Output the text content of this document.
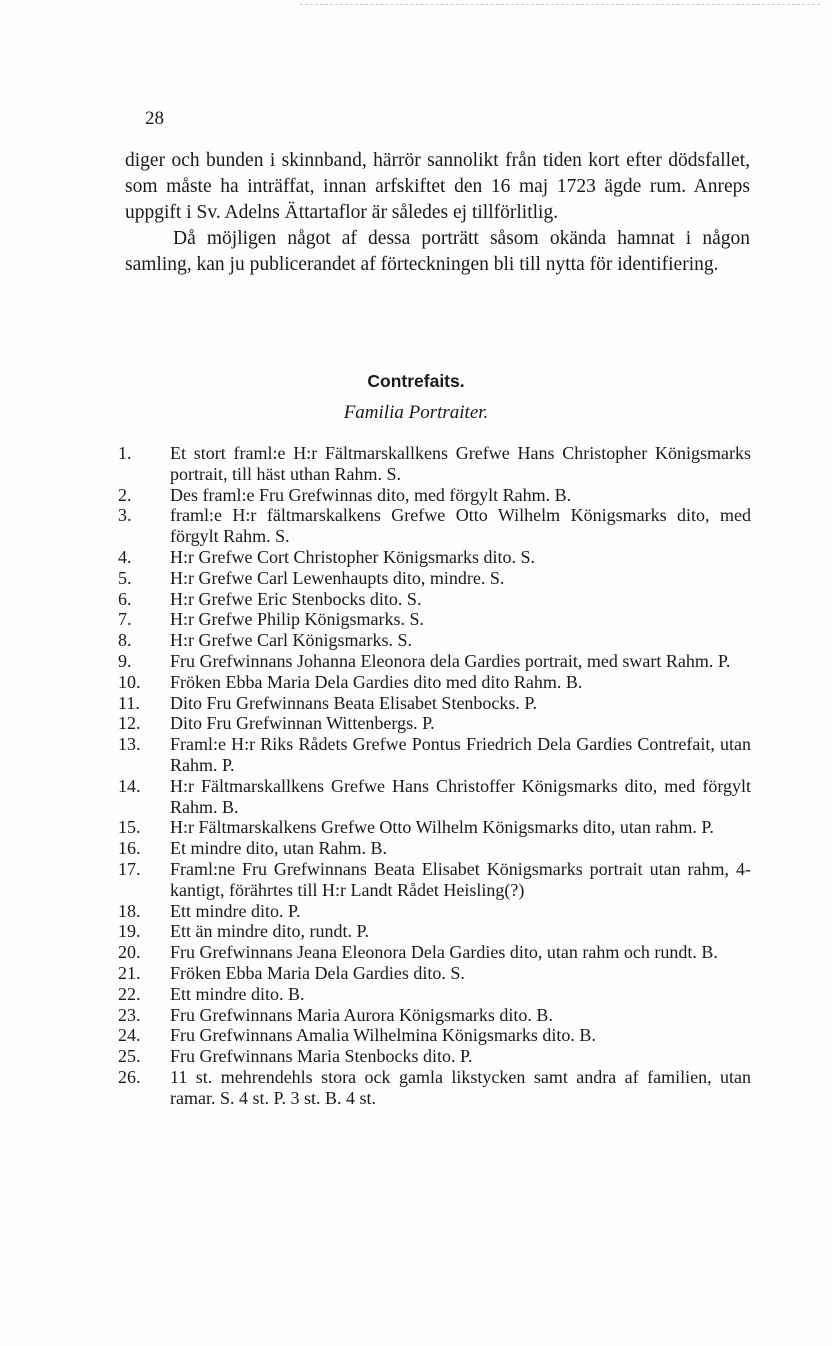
28

diger och bunden i skinnband, härrör sannolikt från tiden kort efter dödsfallet, som måste ha inträffat, innan arfskiftet den 16 maj 1723 ägde rum. Anreps uppgift i Sv. Adelns Ättartaflor är således ej tillförlitlig.

Då möjligen något af dessa porträtt såsom okända hamnat i någon samling, kan ju publicerandet af förteckningen bli till nytta för identifiering.

Contrefaits.
Familia Portraiter.
1.	Et stort framl:e H:r Fältmarskallkens Grefwe Hans Christopher Königsmarks portrait, till häst uthan Rahm. S.
2.	Des framl:e Fru Grefwinnas dito, med förgylt Rahm. B.
3.	framl:e H:r fältmarskalkens Grefwe Otto Wilhelm Königsmarks dito, med förgylt Rahm. S.
4.	H:r Grefwe Cort Christopher Königsmarks dito. S.
5.	H:r Grefwe Carl Lewenhaupts dito, mindre. S.
6.	H:r Grefwe Eric Stenbocks dito. S.
7.	H:r Grefwe Philip Königsmarks. S.
8.	H:r Grefwe Carl Königsmarks. S.
9.	Fru Grefwinnans Johanna Eleonora dela Gardies portrait, med swart Rahm. P.
10.	Fröken Ebba Maria Dela Gardies dito med dito Rahm. B.
11.	Dito Fru Grefwinnans Beata Elisabet Stenbocks. P.
12.	Dito Fru Grefwinnan Wittenbergs. P.
13.	Framl:e H:r Riks Rådets Grefwe Pontus Friedrich Dela Gardies Contrefait, utan Rahm. P.
14.	H:r Fältmarskallkens Grefwe Hans Christoffer Königsmarks dito, med förgylt Rahm. B.
15.	H:r Fältmarskalkens Grefwe Otto Wilhelm Königsmarks dito, utan rahm. P.
16.	Et mindre dito, utan Rahm. B.
17.	Framl:ne Fru Grefwinnans Beata Elisabet Königsmarks portrait utan rahm, 4-kantigt, förährtes till H:r Landt Rådet Heisling(?)
18.	Ett mindre dito. P.
19.	Ett än mindre dito, rundt. P.
20.	Fru Grefwinnans Jeana Eleonora Dela Gardies dito, utan rahm och rundt. B.
21.	Fröken Ebba Maria Dela Gardies dito. S.
22.	Ett mindre dito. B.
23.	Fru Grefwinnans Maria Aurora Königsmarks dito. B.
24.	Fru Grefwinnans Amalia Wilhelmina Königsmarks dito. B.
25.	Fru Grefwinnans Maria Stenbocks dito. P.
26.	11 st. mehrendehls stora ock gamla likstycken samt andra af familien, utan ramar. S. 4 st. P. 3 st. B. 4 st.
